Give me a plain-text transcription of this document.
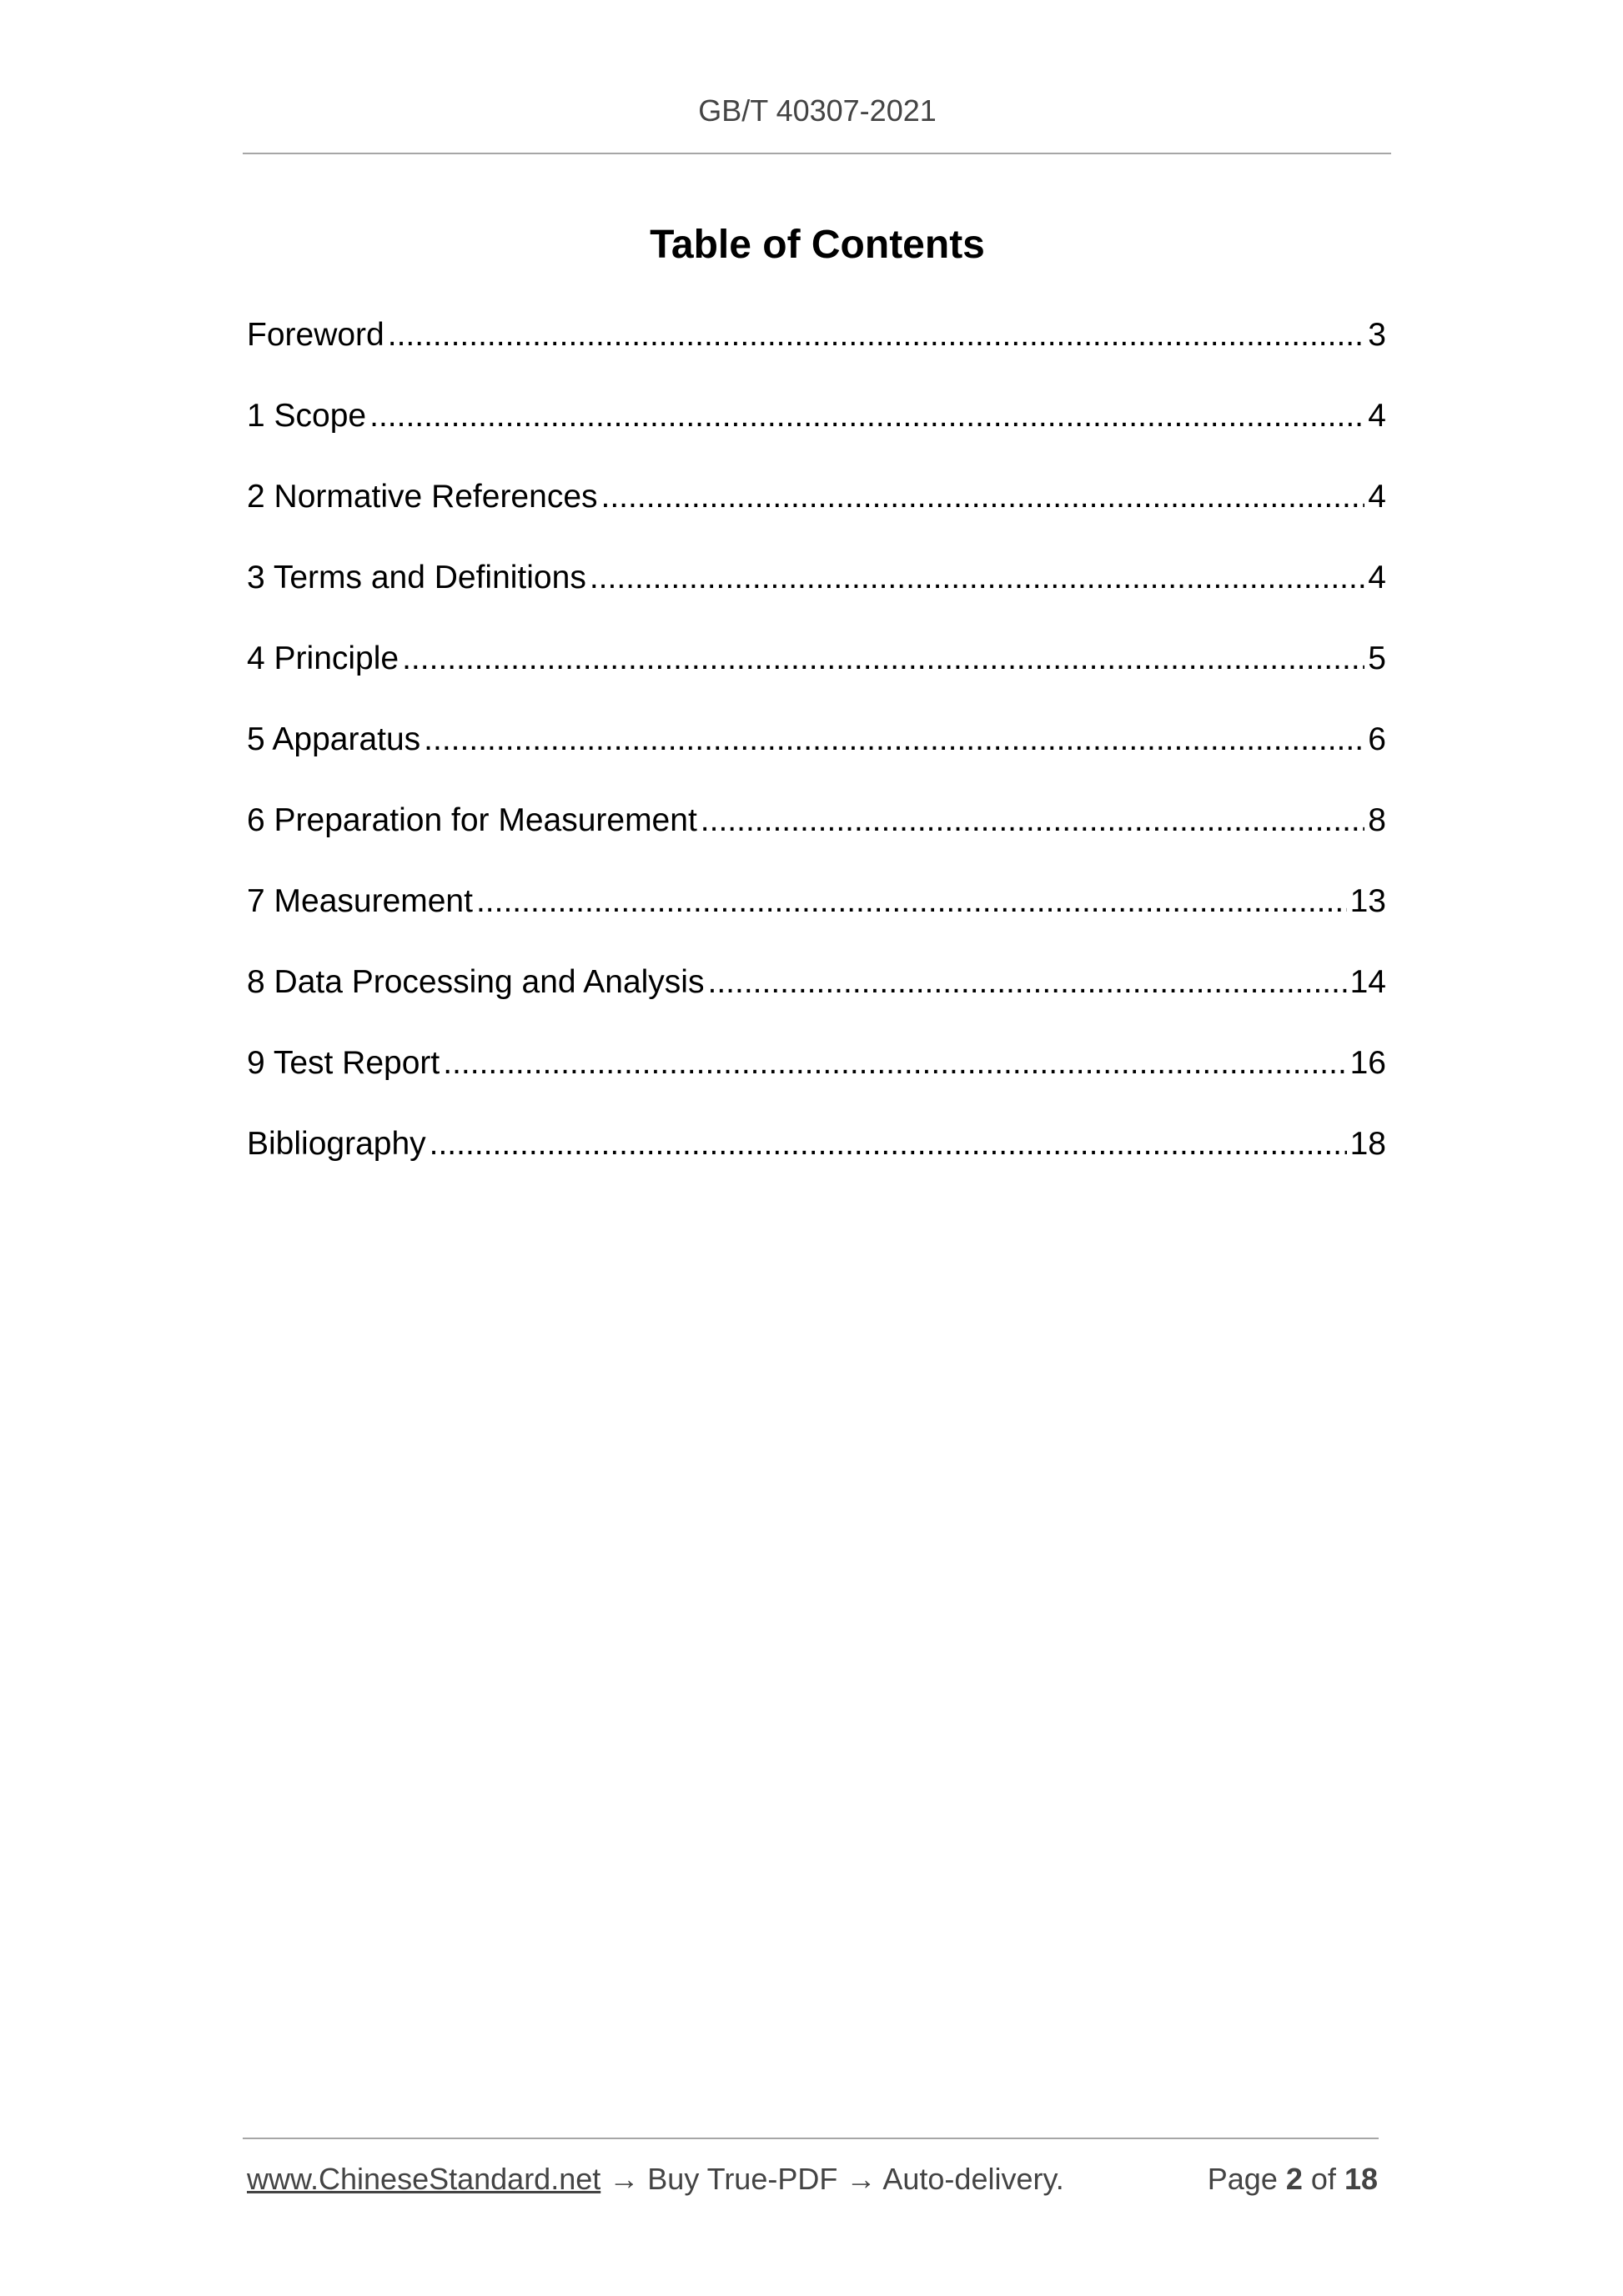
GB/T 40307-2021
Table of Contents
Foreword .....	3
1 Scope .....	4
2 Normative References .....	4
3 Terms and Definitions .....	4
4 Principle .....	5
5 Apparatus .....	6
6 Preparation for Measurement .....	8
7 Measurement .....	13
8 Data Processing and Analysis .....	14
9 Test Report .....	16
Bibliography .....	18
www.ChineseStandard.net → Buy True-PDF → Auto-delivery.	Page 2 of 18
